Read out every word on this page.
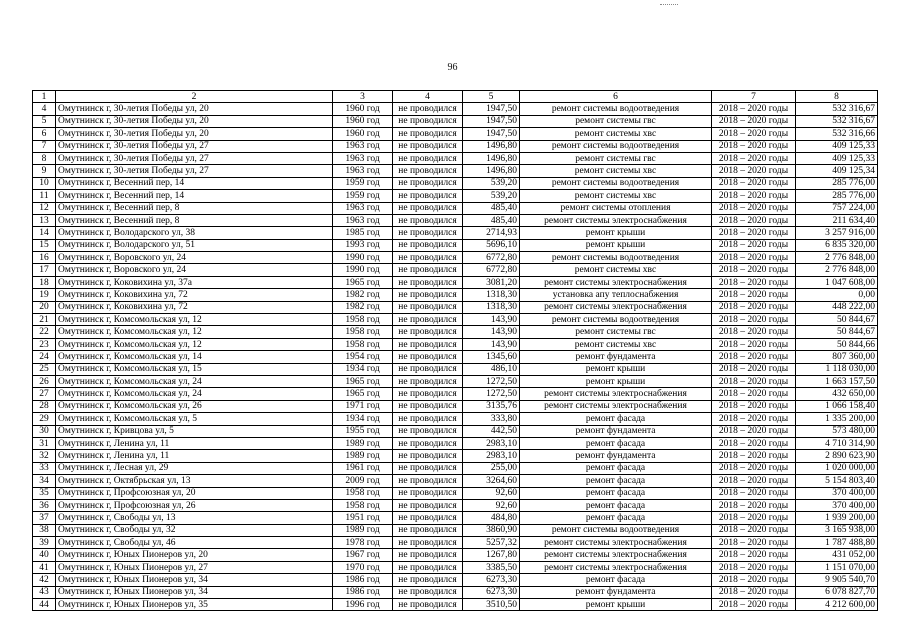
96
1	2	3	4	5	6	7	8
4	Омутнинск г, 30-летия Победы ул, 20	1960 год	не проводился	1947,50	ремонт системы водоотведения	2018 – 2020 годы	532 316,67
5	Омутнинск г, 30-летия Победы ул, 20	1960 год	не проводился	1947,50	ремонт системы гвс	2018 – 2020 годы	532 316,67
6	Омутнинск г, 30-летия Победы ул, 20	1960 год	не проводился	1947,50	ремонт системы хвс	2018 – 2020 годы	532 316,66
7	Омутнинск г, 30-летия Победы ул, 27	1963 год	не проводился	1496,80	ремонт системы водоотведения	2018 – 2020 годы	409 125,33
8	Омутнинск г, 30-летия Победы ул, 27	1963 год	не проводился	1496,80	ремонт системы гвс	2018 – 2020 годы	409 125,33
9	Омутнинск г, 30-летия Победы ул, 27	1963 год	не проводился	1496,80	ремонт системы хвс	2018 – 2020 годы	409 125,34
10	Омутнинск г, Весенний пер, 14	1959 год	не проводился	539,20	ремонт системы водоотведения	2018 – 2020 годы	285 776,00
11	Омутнинск г, Весенний пер, 14	1959 год	не проводился	539,20	ремонт системы хвс	2018 – 2020 годы	285 776,00
12	Омутнинск г, Весенний пер, 8	1963 год	не проводился	485,40	ремонт системы отопления	2018 – 2020 годы	757 224,00
13	Омутнинск г, Весенний пер, 8	1963 год	не проводился	485,40	ремонт системы электроснабжения	2018 – 2020 годы	211 634,40
14	Омутнинск г, Володарского ул, 38	1985 год	не проводился	2714,93	ремонт крыши	2018 – 2020 годы	3 257 916,00
15	Омутнинск г, Володарского ул, 51	1993 год	не проводился	5696,10	ремонт крыши	2018 – 2020 годы	6 835 320,00
16	Омутнинск г, Воровского ул, 24	1990 год	не проводился	6772,80	ремонт системы водоотведения	2018 – 2020 годы	2 776 848,00
17	Омутнинск г, Воровского ул, 24	1990 год	не проводился	6772,80	ремонт системы хвс	2018 – 2020 годы	2 776 848,00
18	Омутнинск г, Коковихина ул, 37а	1965 год	не проводился	3081,20	ремонт системы электроснабжения	2018 – 2020 годы	1 047 608,00
19	Омутнинск г, Коковихина ул, 72	1982 год	не проводился	1318,30	установка апу теплоснабжения	2018 – 2020 годы	0,00
20	Омутнинск г, Коковихина ул, 72	1982 год	не проводился	1318,30	ремонт системы электроснабжения	2018 – 2020 годы	448 222,00
21	Омутнинск г, Комсомольская ул, 12	1958 год	не проводился	143,90	ремонт системы водоотведения	2018 – 2020 годы	50 844,67
22	Омутнинск г, Комсомольская ул, 12	1958 год	не проводился	143,90	ремонт системы гвс	2018 – 2020 годы	50 844,67
23	Омутнинск г, Комсомольская ул, 12	1958 год	не проводился	143,90	ремонт системы хвс	2018 – 2020 годы	50 844,66
24	Омутнинск г, Комсомольская ул, 14	1954 год	не проводился	1345,60	ремонт фундамента	2018 – 2020 годы	807 360,00
25	Омутнинск г, Комсомольская ул, 15	1934 год	не проводился	486,10	ремонт крыши	2018 – 2020 годы	1 118 030,00
26	Омутнинск г, Комсомольская ул, 24	1965 год	не проводился	1272,50	ремонт крыши	2018 – 2020 годы	1 663 157,50
27	Омутнинск г, Комсомольская ул, 24	1965 год	не проводился	1272,50	ремонт системы электроснабжения	2018 – 2020 годы	432 650,00
28	Омутнинск г, Комсомольская ул, 26	1971 год	не проводился	3135,76	ремонт системы электроснабжения	2018 – 2020 годы	1 066 158,40
29	Омутнинск г, Комсомольская ул, 5	1934 год	не проводился	333,80	ремонт фасада	2018 – 2020 годы	1 335 200,00
30	Омутнинск г, Кривцова ул, 5	1955 год	не проводился	442,50	ремонт фундамента	2018 – 2020 годы	573 480,00
31	Омутнинск г, Ленина ул, 11	1989 год	не проводился	2983,10	ремонт фасада	2018 – 2020 годы	4 710 314,90
32	Омутнинск г, Ленина ул, 11	1989 год	не проводился	2983,10	ремонт фундамента	2018 – 2020 годы	2 890 623,90
33	Омутнинск г, Лесная ул, 29	1961 год	не проводился	255,00	ремонт фасада	2018 – 2020 годы	1 020 000,00
34	Омутнинск г, Октябрьская ул, 13	2009 год	не проводился	3264,60	ремонт фасада	2018 – 2020 годы	5 154 803,40
35	Омутнинск г, Профсоюзная ул, 20	1958 год	не проводился	92,60	ремонт фасада	2018 – 2020 годы	370 400,00
36	Омутнинск г, Профсоюзная ул, 26	1958 год	не проводился	92,60	ремонт фасада	2018 – 2020 годы	370 400,00
37	Омутнинск г, Свободы ул, 13	1951 год	не проводился	484,80	ремонт фасада	2018 – 2020 годы	1 939 200,00
38	Омутнинск г, Свободы ул, 32	1989 год	не проводился	3860,90	ремонт системы водоотведения	2018 – 2020 годы	3 165 938,00
39	Омутнинск г, Свободы ул, 46	1978 год	не проводился	5257,32	ремонт системы электроснабжения	2018 – 2020 годы	1 787 488,80
40	Омутнинск г, Юных Пионеров ул, 20	1967 год	не проводился	1267,80	ремонт системы электроснабжения	2018 – 2020 годы	431 052,00
41	Омутнинск г, Юных Пионеров ул, 27	1970 год	не проводился	3385,50	ремонт системы электроснабжения	2018 – 2020 годы	1 151 070,00
42	Омутнинск г, Юных Пионеров ул, 34	1986 год	не проводился	6273,30	ремонт фасада	2018 – 2020 годы	9 905 540,70
43	Омутнинск г, Юных Пионеров ул, 34	1986 год	не проводился	6273,30	ремонт фундамента	2018 – 2020 годы	6 078 827,70
44	Омутнинск г, Юных Пионеров ул, 35	1996 год	не проводился	3510,50	ремонт крыши	2018 – 2020 годы	4 212 600,00
